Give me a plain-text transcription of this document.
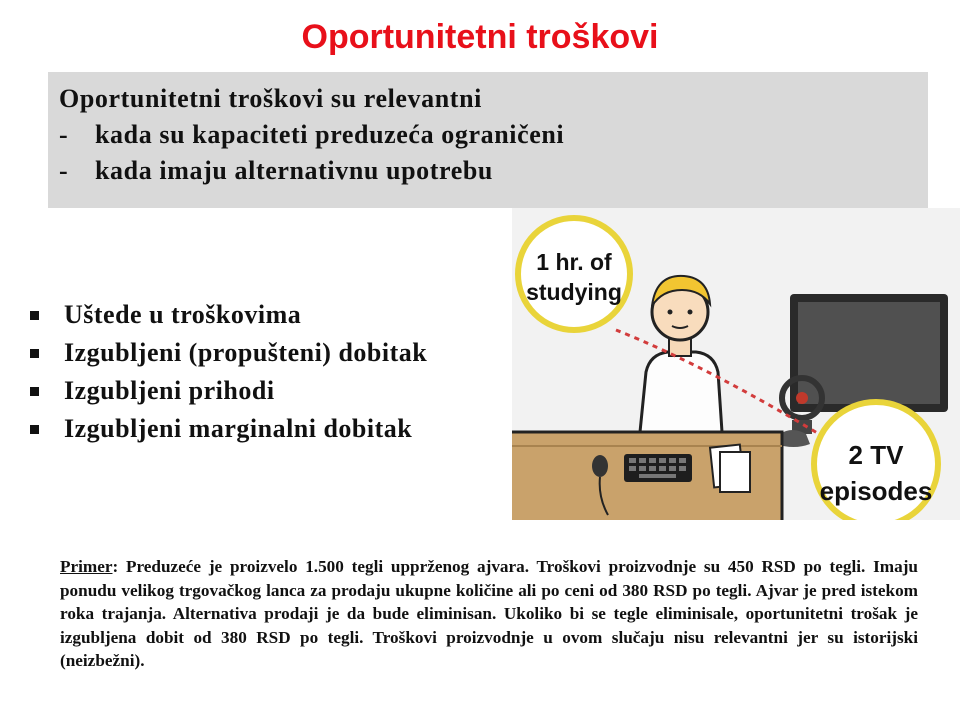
Oportunitetni troškovi
Oportunitetni troškovi su relevantni
- kada su kapaciteti preduzeća ograničeni
- kada imaju alternativnu upotrebu
Uštede u troškovima
Izgubljeni (propušteni) dobitak
Izgubljeni prihodi
Izgubljeni marginalni dobitak
1 hr. of
studying
2 TV
episodes

Primer: Preduzeće je proizvelo 1.500 tegli upprženog ajvara. Troškovi proizvodnje su 450 RSD po tegli. Imaju ponudu velikog trgovačkog lanca za prodaju ukupne količine ali po ceni od 380 RSD po tegli. Ajvar je pred istekom roka trajanja. Alternativa prodaji je da bude eliminisan. Ukoliko bi se tegle eliminisale, oportunitetni trošak je izgubljena dobit od 380 RSD po tegli. Troškovi proizvodnje u ovom slučaju nisu relevantni jer su istorijski (neizbežni).
